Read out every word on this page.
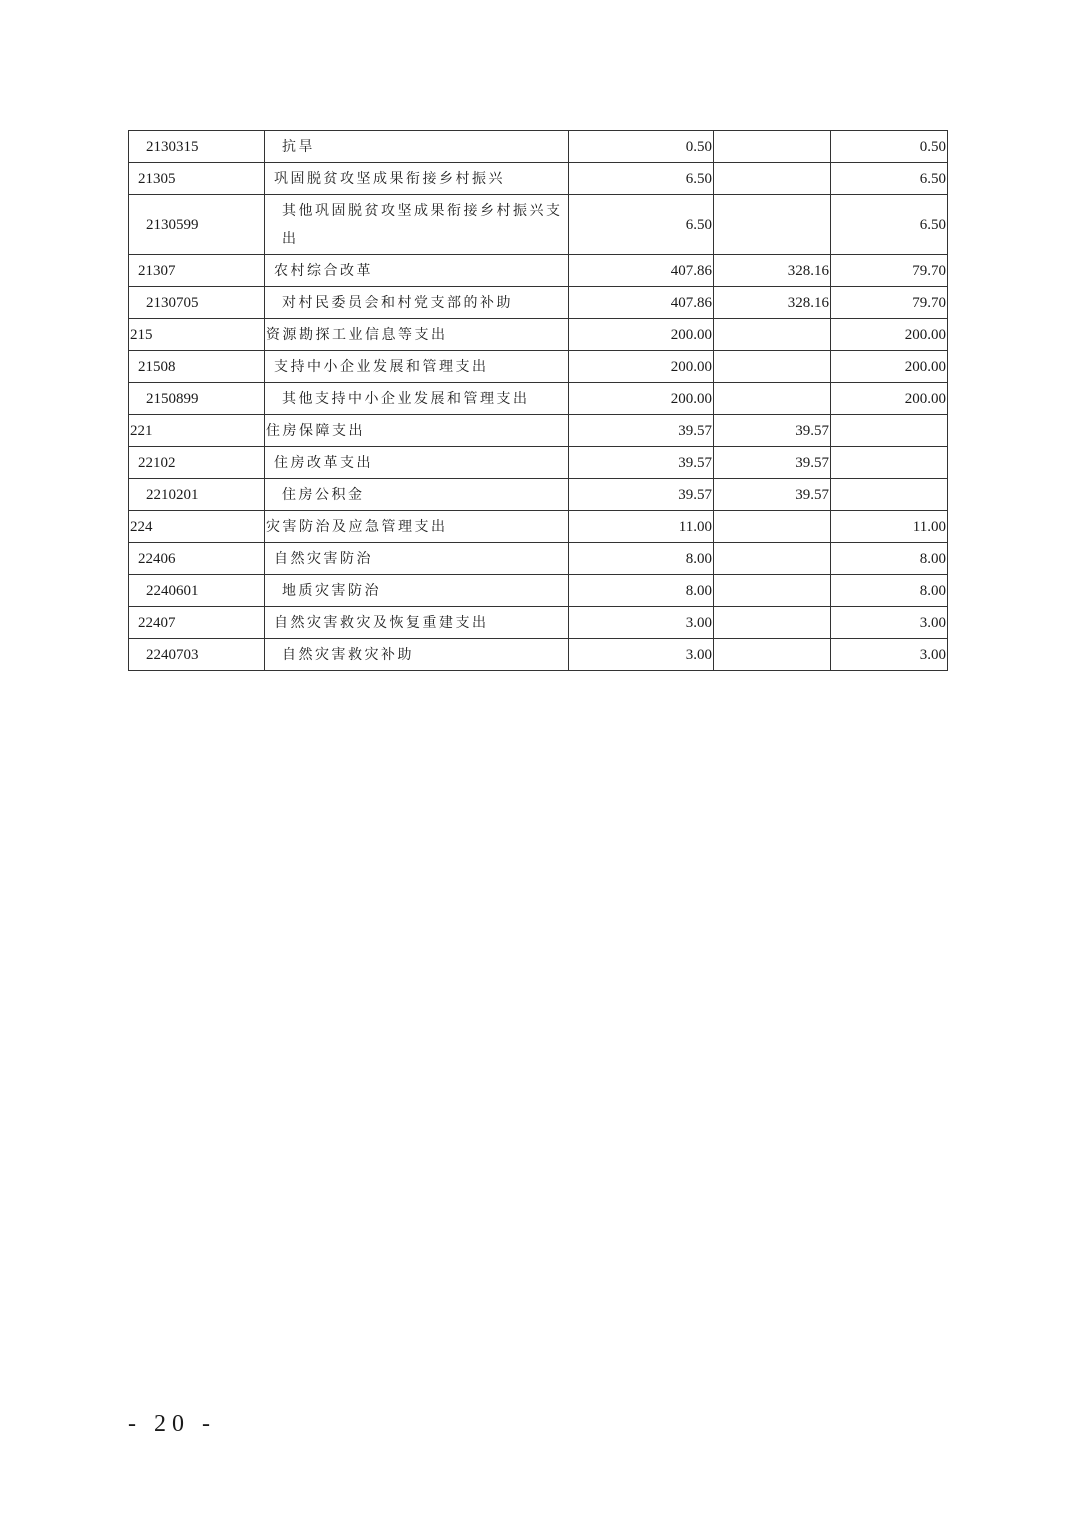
2130315	抗旱	0.50		0.50
21305	巩固脱贫攻坚成果衔接乡村振兴	6.50		6.50
2130599	其他巩固脱贫攻坚成果衔接乡村振兴支出	6.50		6.50
21307	农村综合改革	407.86	328.16	79.70
2130705	对村民委员会和村党支部的补助	407.86	328.16	79.70
215	资源勘探工业信息等支出	200.00		200.00
21508	支持中小企业发展和管理支出	200.00		200.00
2150899	其他支持中小企业发展和管理支出	200.00		200.00
221	住房保障支出	39.57	39.57	
22102	住房改革支出	39.57	39.57	
2210201	住房公积金	39.57	39.57	
224	灾害防治及应急管理支出	11.00		11.00
22406	自然灾害防治	8.00		8.00
2240601	地质灾害防治	8.00		8.00
22407	自然灾害救灾及恢复重建支出	3.00		3.00
2240703	自然灾害救灾补助	3.00		3.00
- 20 -
